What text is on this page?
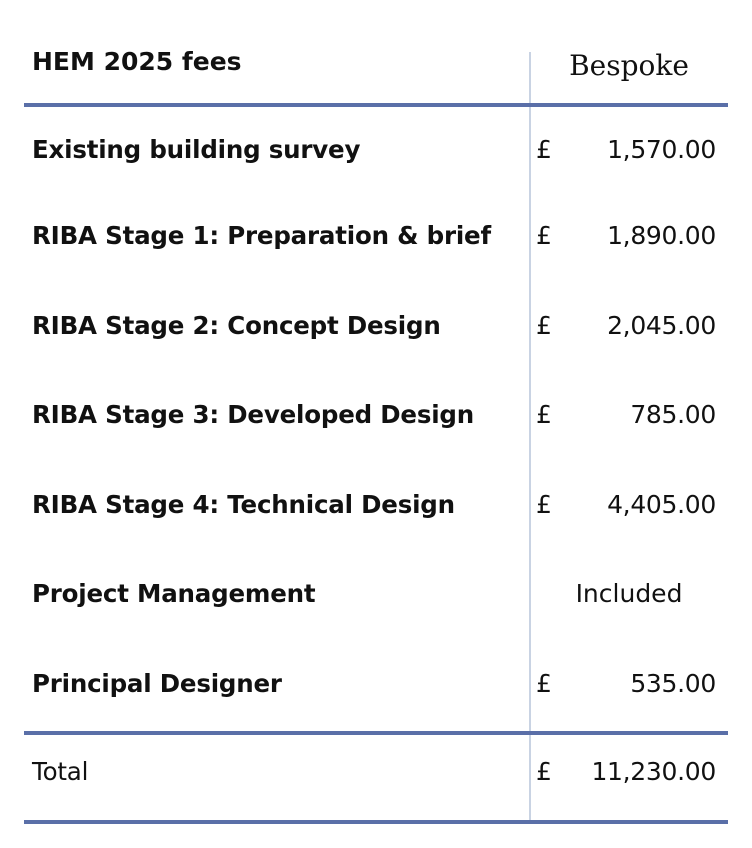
HEM 2025 fees	Bespoke
Existing building survey	£ 1,570.00
RIBA Stage 1: Preparation & brief £ 1,890.00
RIBA Stage 2: Concept Design	£ 2,045.00
RIBA Stage 3: Developed Design £	785.00
RIBA Stage 4: Technical Design	£ 4,405.00
Project Management	Included
Principal Designer	£	535.00
Total	£ 11,230.00
